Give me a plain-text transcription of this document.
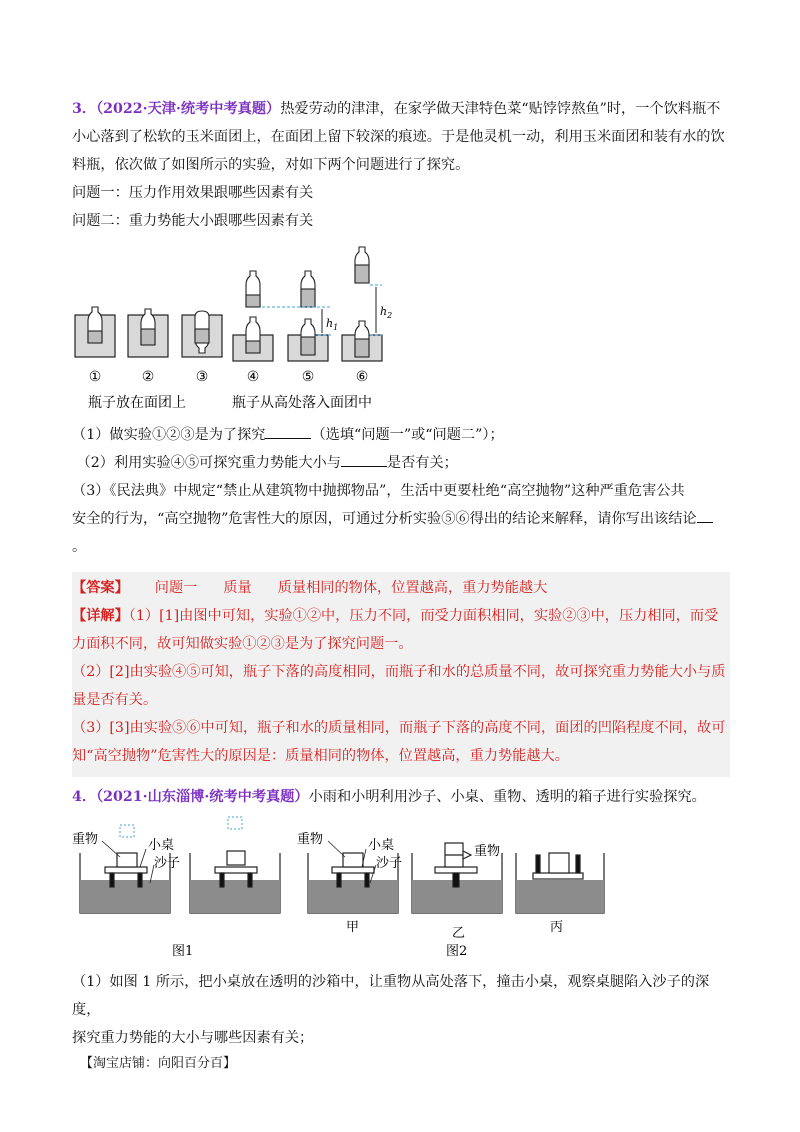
3．（2022·天津·统考中考真题）热爱劳动的津津，在家学做天津特色菜“贴饽饽熬鱼”时，一个饮料瓶不
小心落到了松软的玉米面团上，在面团上留下较深的痕迹。于是他灵机一动，利用玉米面团和装有水的饮
料瓶，依次做了如图所示的实验，对如下两个问题进行了探究。
问题一：压力作用效果跟哪些因素有关
问题二：重力势能大小跟哪些因素有关
$h_1$
$h_2$
①	②	③	④	⑤	⑥
瓶子放在面团上	瓶子从高处落入面团中
（1）做实验①②③是为了探究	（选填“问题一”或“问题二”）；
（2）利用实验④⑤可探究重力势能大小与	是否有关；
（3）《民法典》中规定“禁止从建筑物中抛掷物品”，生活中更要杜绝“高空抛物”这种严重危害公共
安全的行为，“高空抛物”危害性大的原因，可通过分析实验⑤⑥得出的结论来解释，请你写出该结论
。
【答案】 问题一 质量 质量相同的物体，位置越高，重力势能越大
【详解】（1）[1]由图中可知，实验①②中，压力不同，而受力面积相同，实验②③中，压力相同，而受
力面积不同，故可知做实验①②③是为了探究问题一。
（2）[2]由实验④⑤可知，瓶子下落的高度相同，而瓶子和水的总质量不同，故可探究重力势能大小与质
量是否有关。
（3）[3]由实验⑤⑥中可知，瓶子和水的质量相同，而瓶子下落的高度不同，面团的凹陷程度不同，故可
知“高空抛物”危害性大的原因是：质量相同的物体，位置越高，重力势能越大。
4．（2021·山东淄博·统考中考真题）小雨和小明利用沙子、小桌、重物、透明的箱子进行实验探究。
重物	小桌
沙子
重物	小桌
沙子
重物
甲	乙	丙
图1	图2
（1）如图 1 所示，把小桌放在透明的沙箱中，让重物从高处落下，撞击小桌，观察桌腿陷入沙子的深度，
探究重力势能的大小与哪些因素有关；
【淘宝店铺：向阳百分百】
